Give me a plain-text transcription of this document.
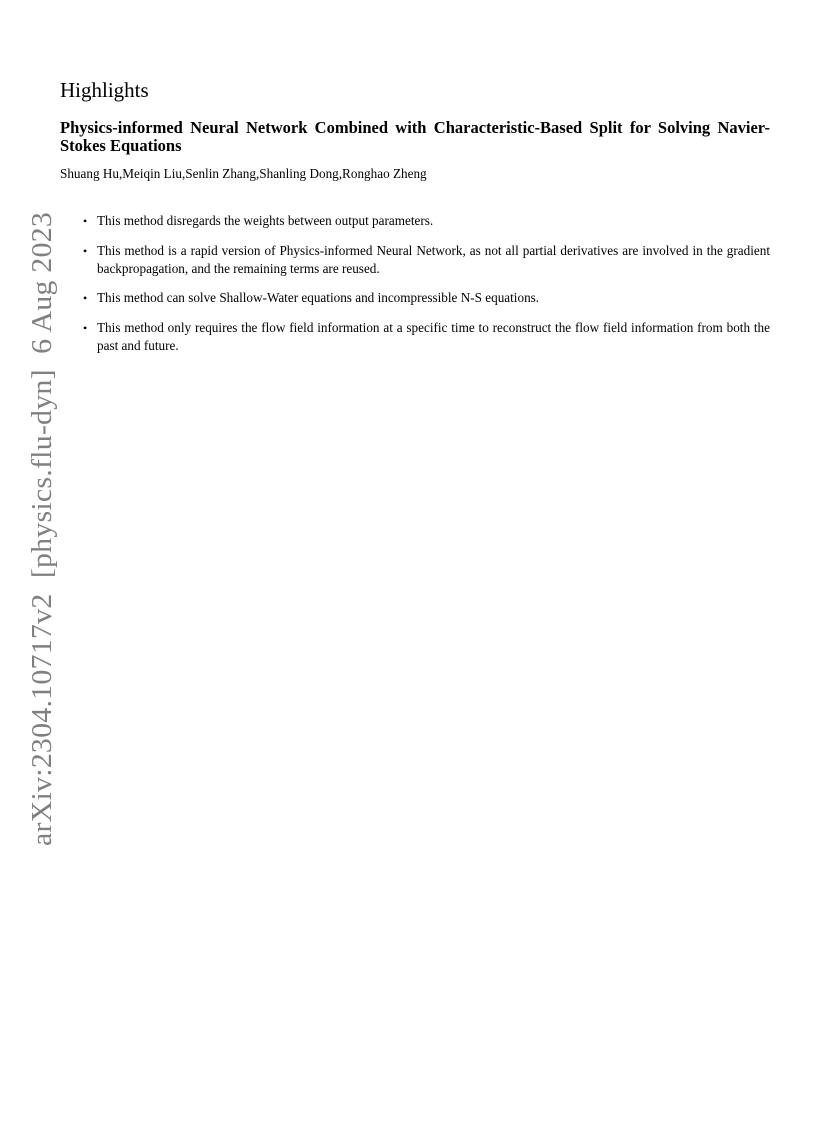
arXiv:2304.10717v2  [physics.flu-dyn]  6 Aug 2023
Highlights
Physics-informed Neural Network Combined with Characteristic-Based Split for Solving Navier-Stokes Equations

Shuang Hu,Meiqin Liu,Senlin Zhang,Shanling Dong,Ronghao Zheng

• This method disregards the weights between output parameters.
• This method is a rapid version of Physics-informed Neural Network, as not all partial derivatives are involved in the gradient backpropagation, and the remaining terms are reused.
• This method can solve Shallow-Water equations and incompressible N-S equations.
• This method only requires the flow field information at a specific time to reconstruct the flow field information from both the past and future.
